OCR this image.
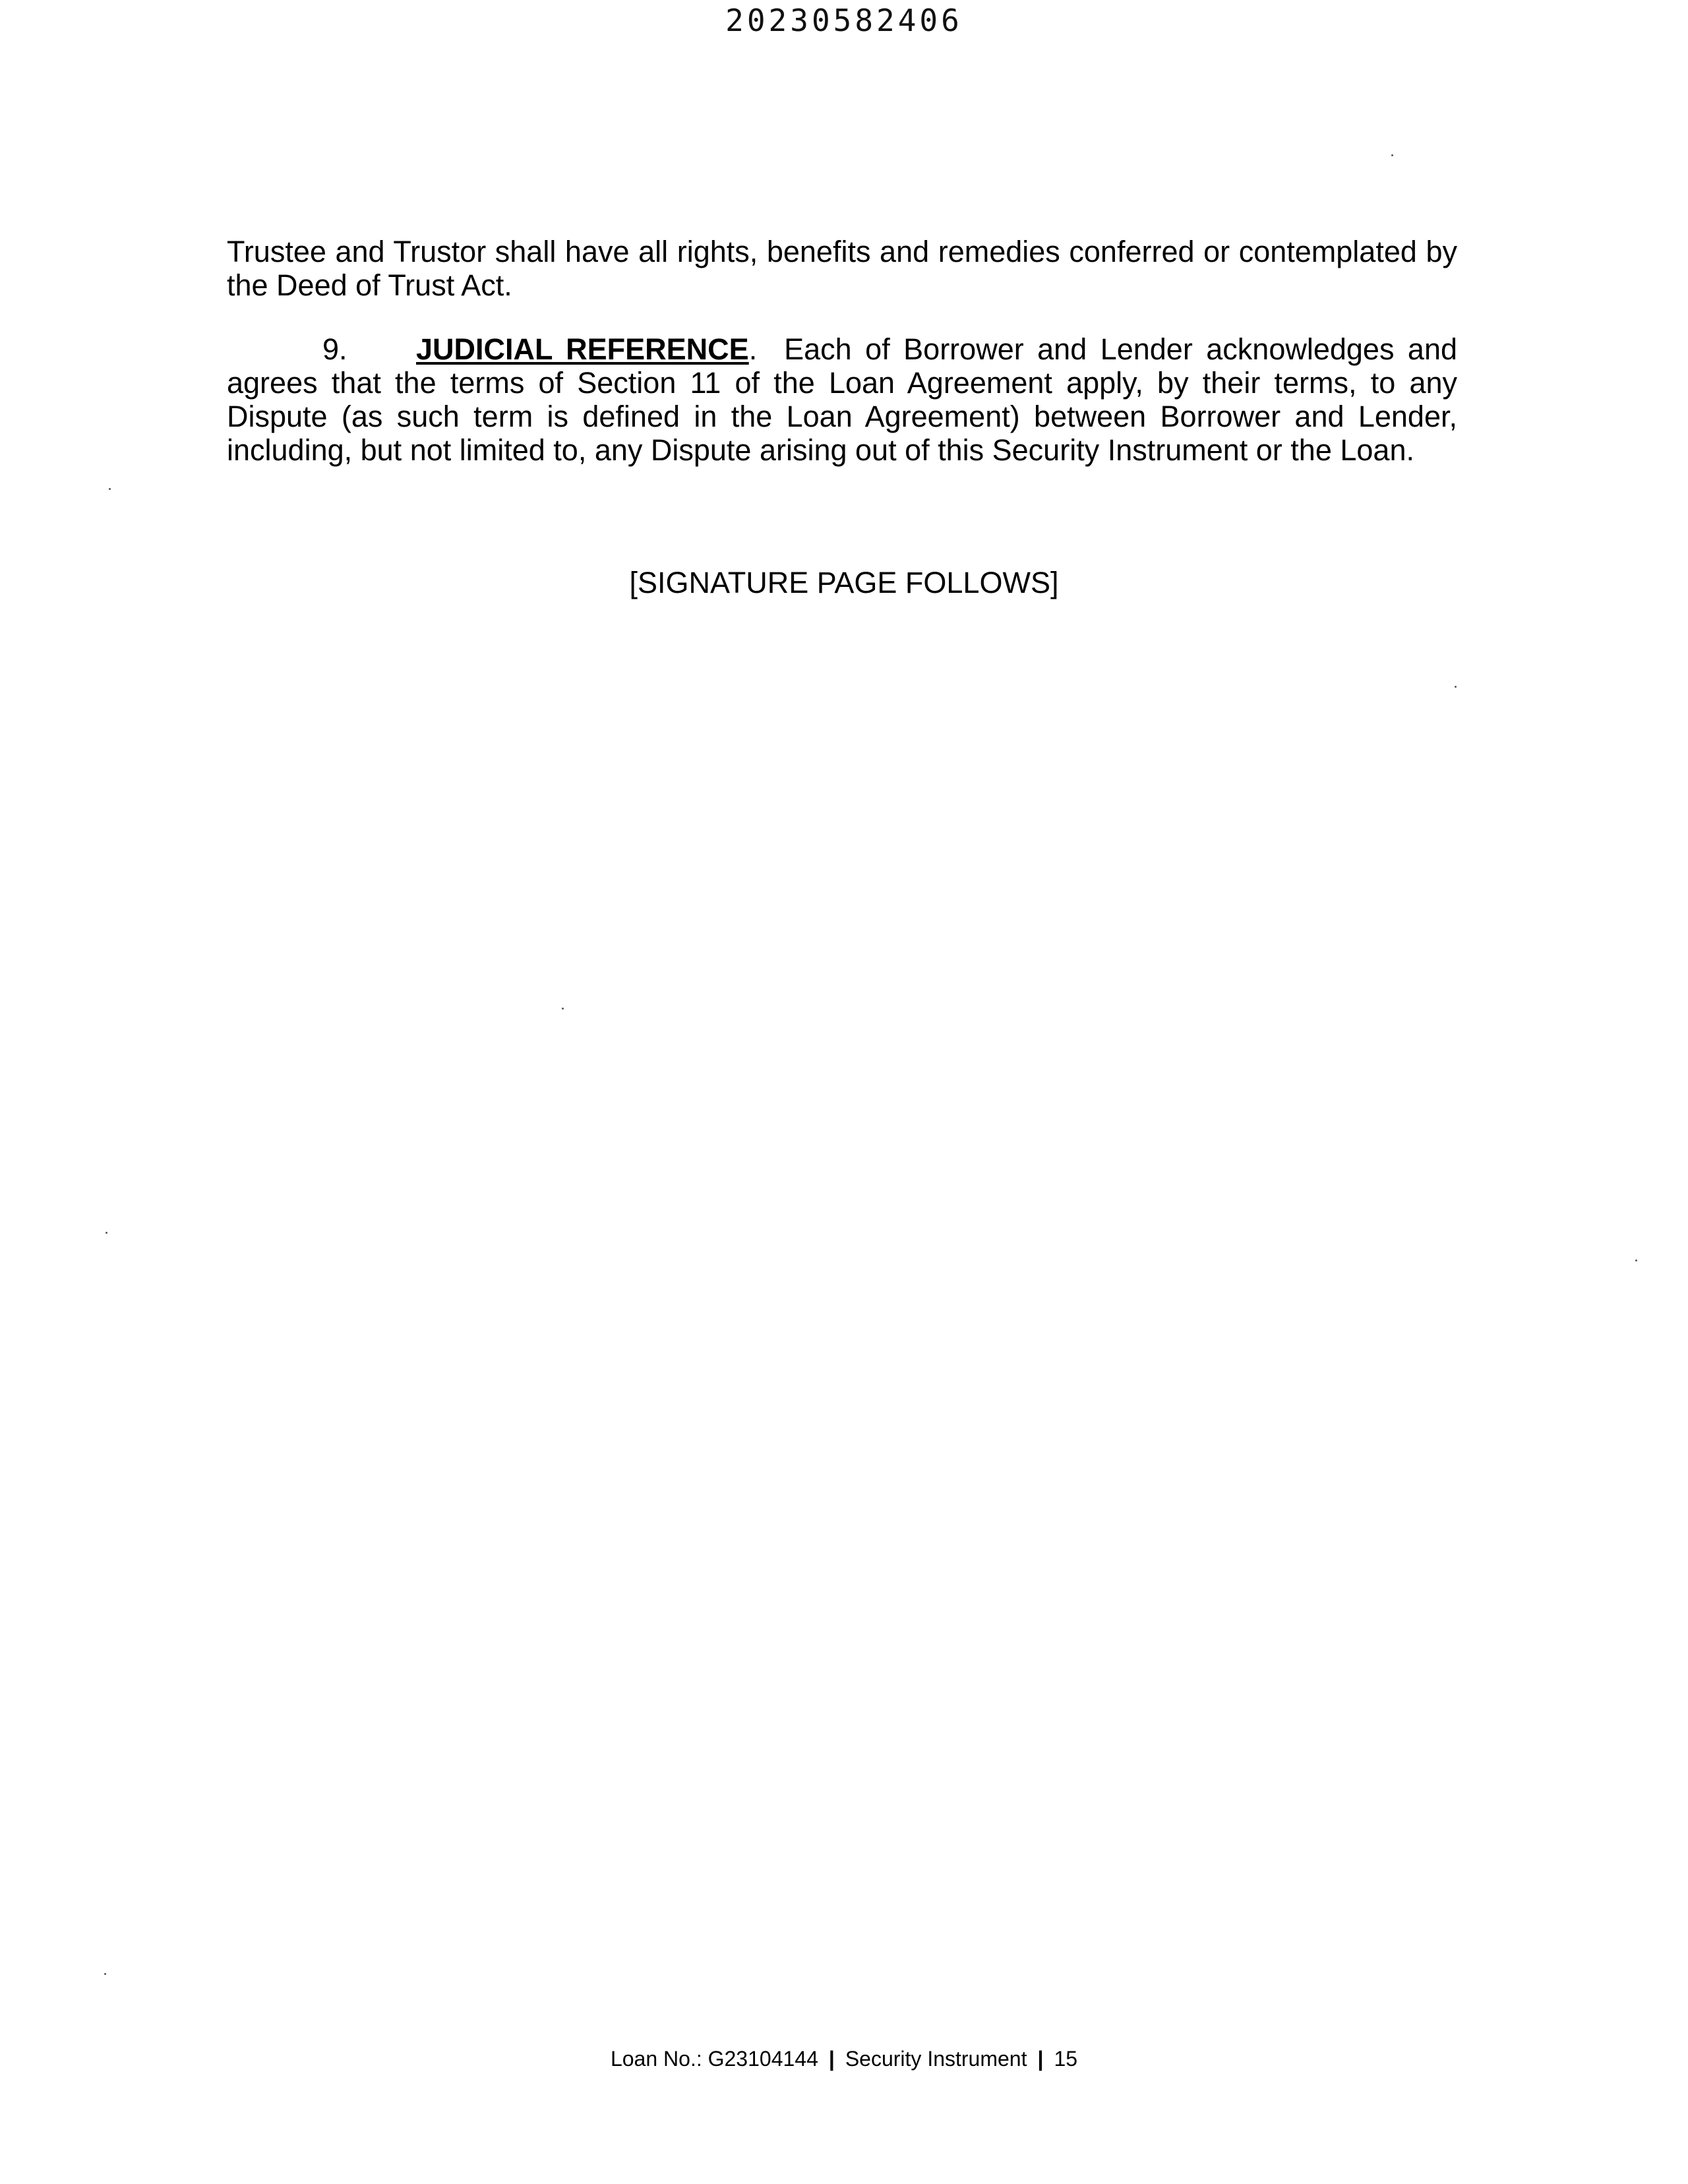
20230582406

Trustee and Trustor shall have all rights, benefits and remedies conferred or contemplated by the Deed of Trust Act.

9. JUDICIAL REFERENCE. Each of Borrower and Lender acknowledges and agrees that the terms of Section 11 of the Loan Agreement apply, by their terms, to any Dispute (as such term is defined in the Loan Agreement) between Borrower and Lender, including, but not limited to, any Dispute arising out of this Security Instrument or the Loan.

[SIGNATURE PAGE FOLLOWS]
Loan No.: G23104144 | Security Instrument | 15
